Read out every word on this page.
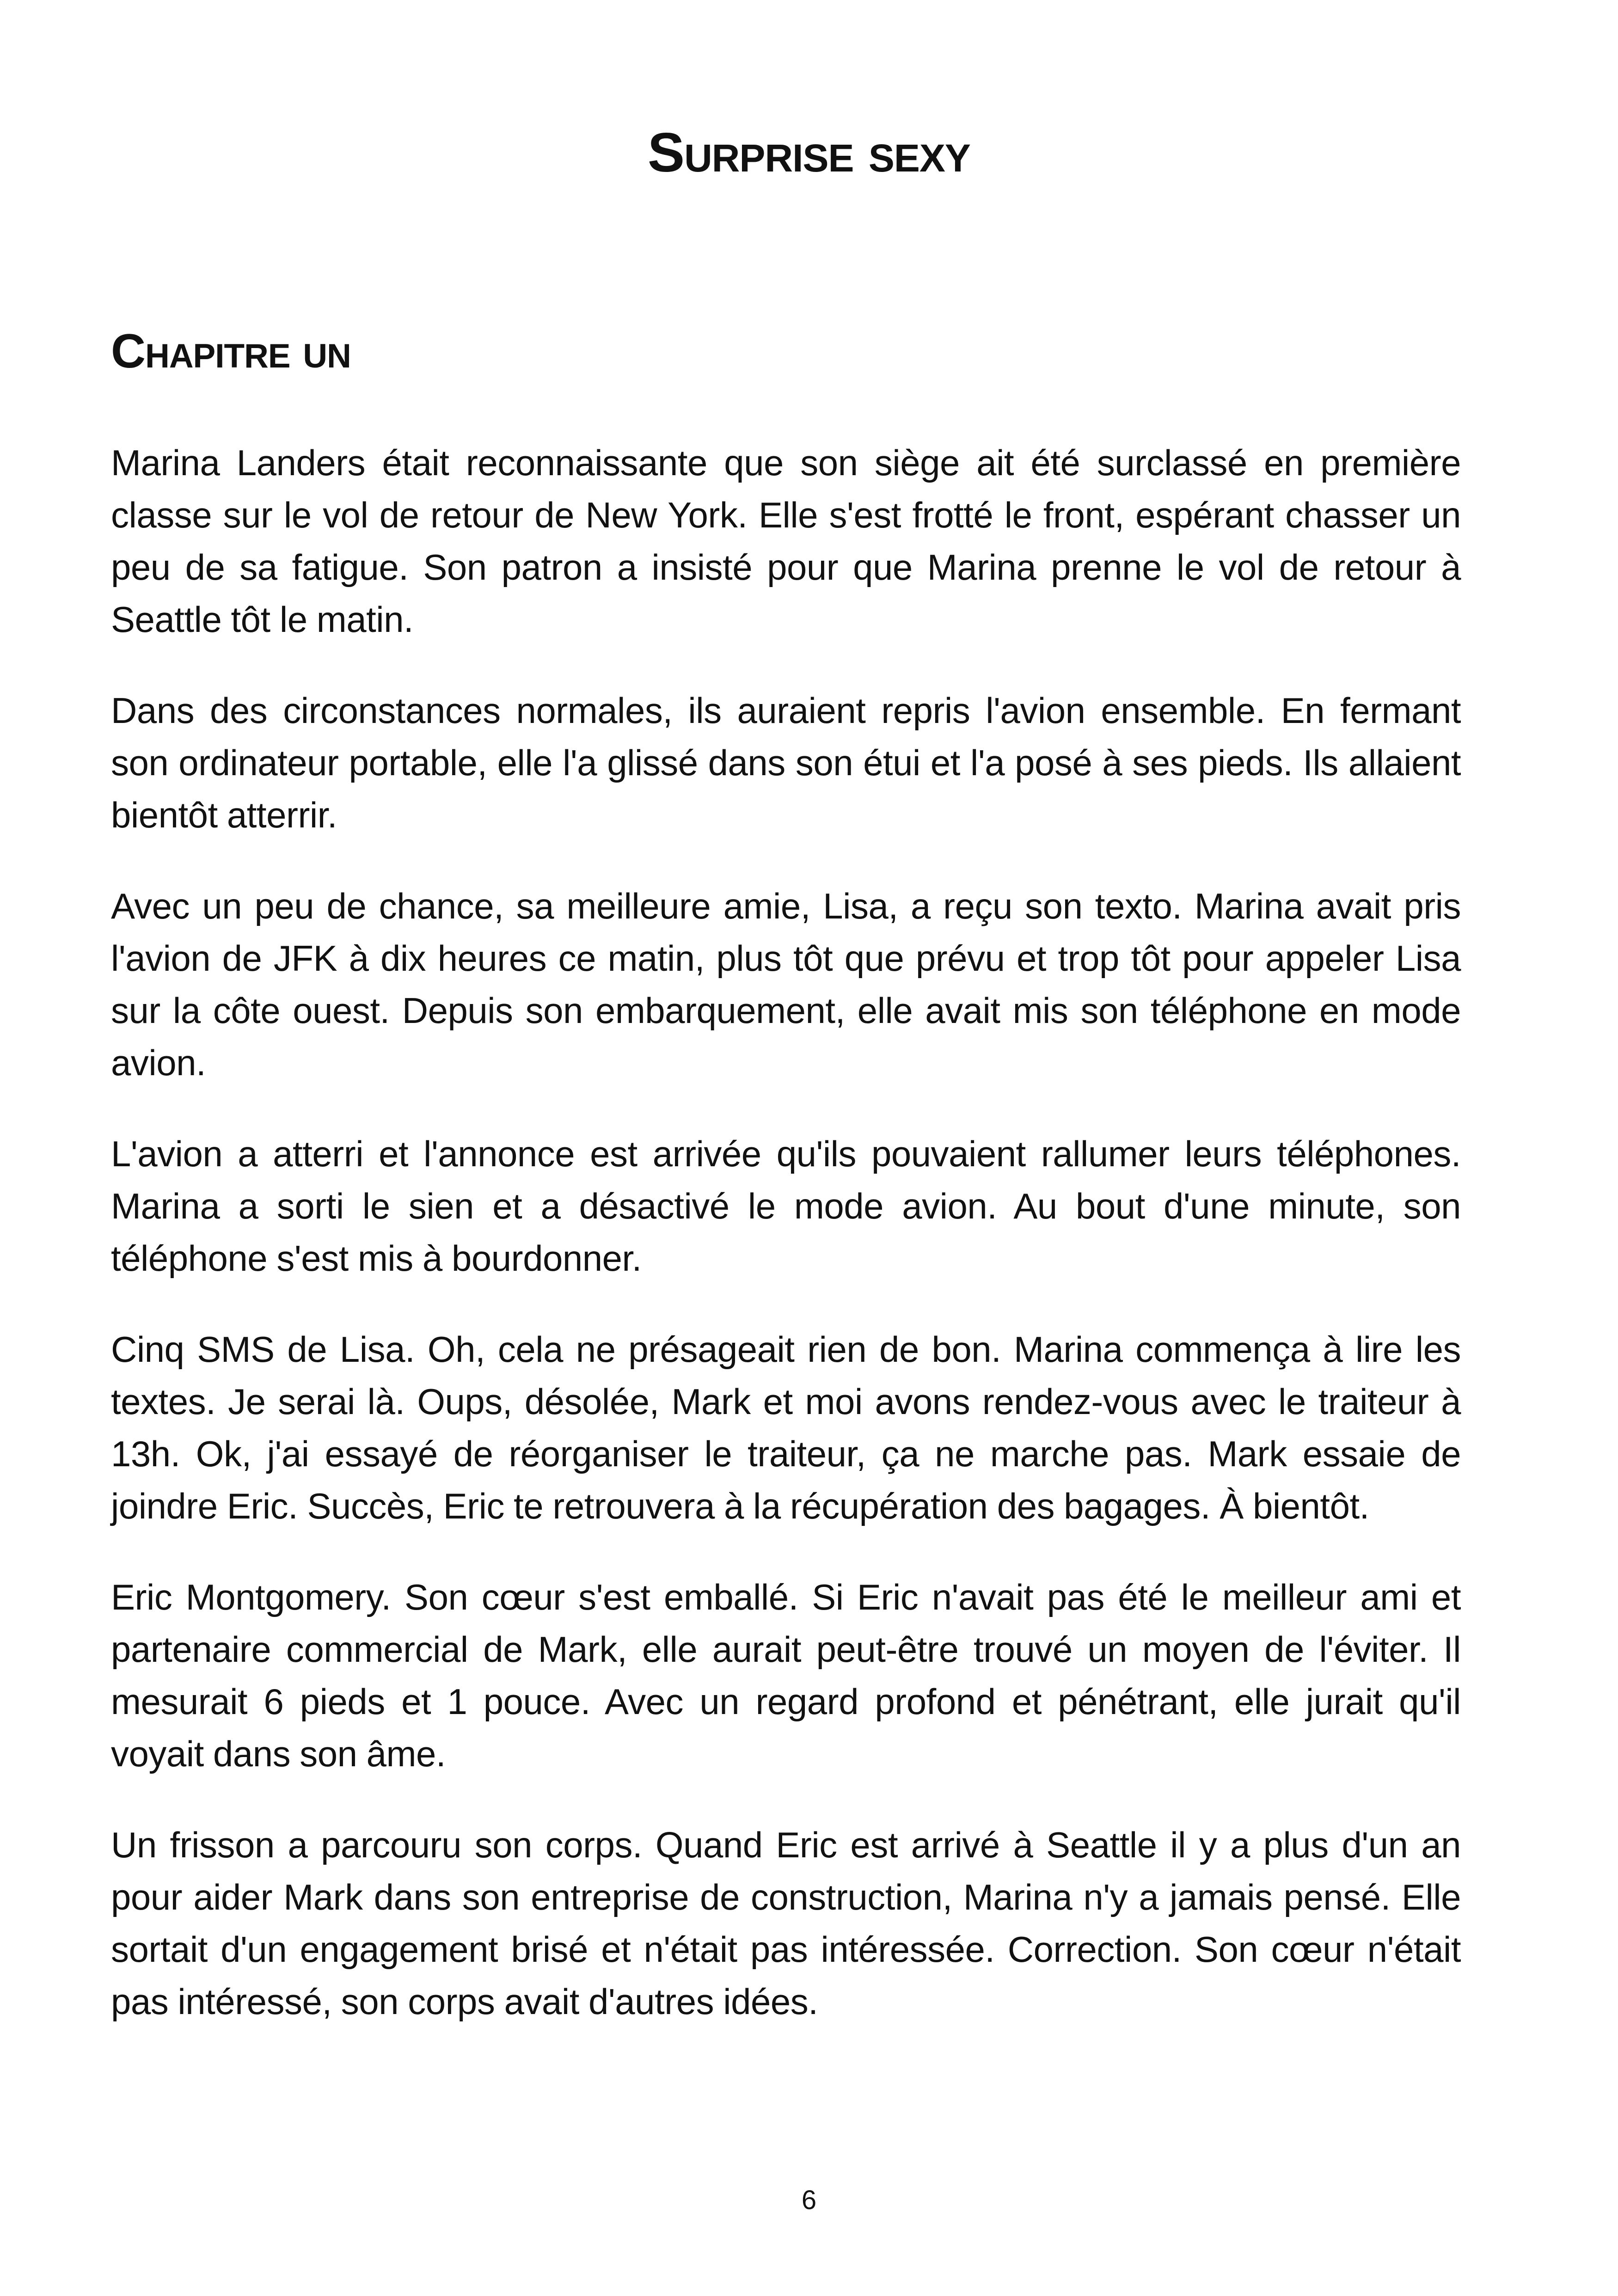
Surprise sexy
Chapitre un

Marina Landers était reconnaissante que son siège ait été surclassé en première classe sur le vol de retour de New York. Elle s'est frotté le front, espérant chasser un peu de sa fatigue. Son patron a insisté pour que Marina prenne le vol de retour à Seattle tôt le matin.

Dans des circonstances normales, ils auraient repris l'avion ensemble. En fermant son ordinateur portable, elle l'a glissé dans son étui et l'a posé à ses pieds. Ils allaient bientôt atterrir.

Avec un peu de chance, sa meilleure amie, Lisa, a reçu son texto. Marina avait pris l'avion de JFK à dix heures ce matin, plus tôt que prévu et trop tôt pour appeler Lisa sur la côte ouest. Depuis son embarquement, elle avait mis son téléphone en mode avion.

L'avion a atterri et l'annonce est arrivée qu'ils pouvaient rallumer leurs téléphones. Marina a sorti le sien et a désactivé le mode avion. Au bout d'une minute, son téléphone s'est mis à bourdonner.

Cinq SMS de Lisa. Oh, cela ne présageait rien de bon. Marina commença à lire les textes. Je serai là. Oups, désolée, Mark et moi avons rendez-vous avec le traiteur à 13h. Ok, j'ai essayé de réorganiser le traiteur, ça ne marche pas. Mark essaie de joindre Eric. Succès, Eric te retrouvera à la récupération des bagages. À bientôt.

Eric Montgomery. Son cœur s'est emballé. Si Eric n'avait pas été le meilleur ami et partenaire commercial de Mark, elle aurait peut-être trouvé un moyen de l'éviter. Il mesurait 6 pieds et 1 pouce. Avec un regard profond et pénétrant, elle jurait qu'il voyait dans son âme.

Un frisson a parcouru son corps. Quand Eric est arrivé à Seattle il y a plus d'un an pour aider Mark dans son entreprise de construction, Marina n'y a jamais pensé. Elle sortait d'un engagement brisé et n'était pas intéressée. Correction. Son cœur n'était pas intéressé, son corps avait d'autres idées.

6
